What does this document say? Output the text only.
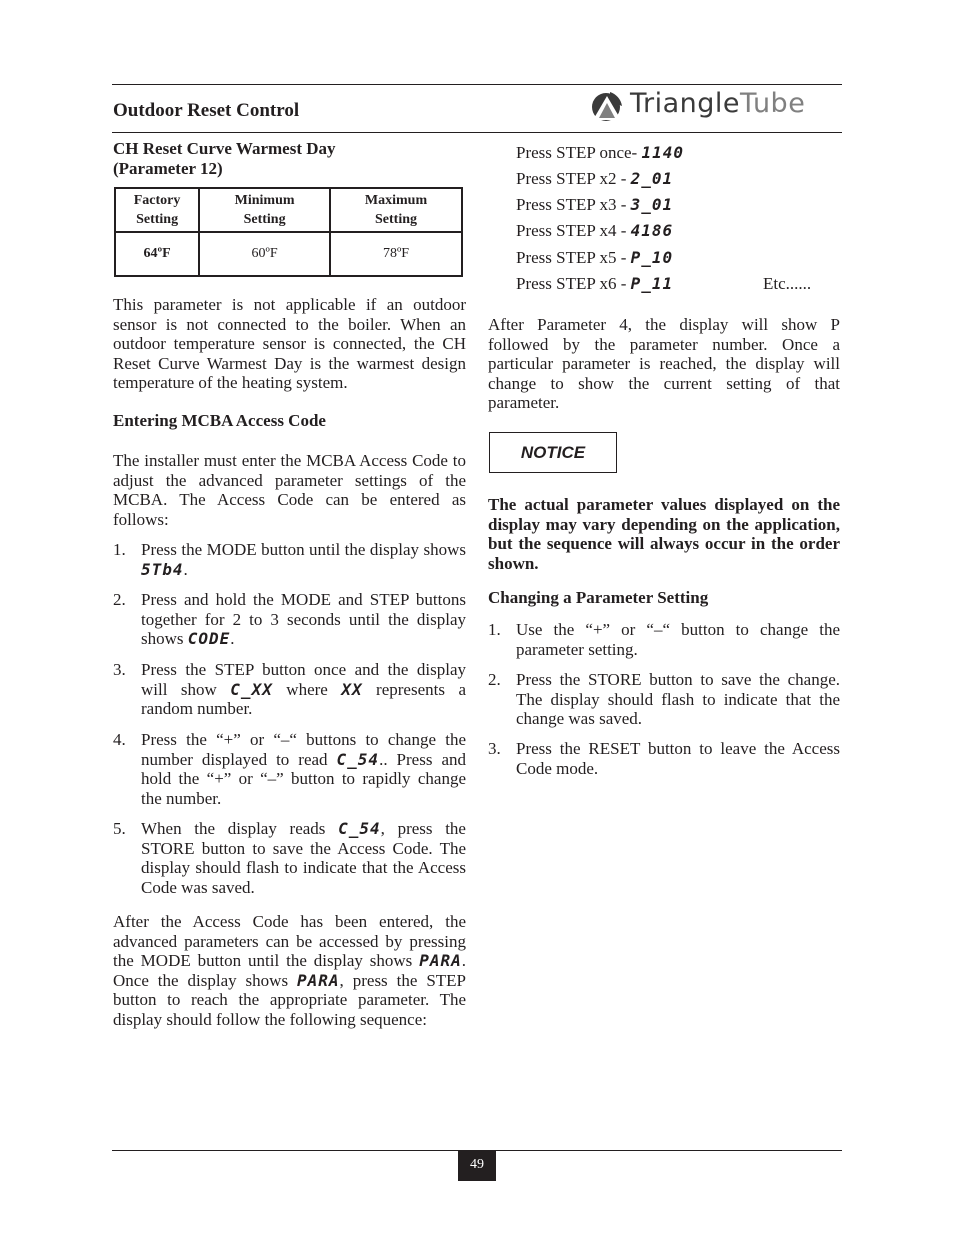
Outdoor Reset Control	TriangleTube
CH Reset Curve Warmest Day
(Parameter 12)
Factory Setting	Minimum Setting	Maximum Setting
64ºF	60ºF	78ºF

This parameter is not applicable if an outdoor sensor is not connected to the boiler. When an outdoor temperature sensor is connected, the CH Reset Curve Warmest Day is the warmest design temperature of the heating system.

Entering MCBA Access Code

The installer must enter the MCBA Access Code to adjust the advanced parameter settings of the MCBA. The Access Code can be entered as follows:

1. Press the MODE button until the display shows 5Tb4.
2. Press and hold the MODE and STEP buttons together for 2 to 3 seconds until the display shows CODE.
3. Press the STEP button once and the display will show C_XX where XX represents a random number.
4. Press the “+” or “–“ buttons to change the number displayed to read C_54.. Press and hold the “+” or “–” button to rapidly change the number.
5. When the display reads C_54, press the STORE button to save the Access Code. The display should flash to indicate that the Access Code was saved.

After the Access Code has been entered, the advanced parameters can be accessed by pressing the MODE button until the display shows PARA. Once the display shows PARA, press the STEP button to reach the appropriate parameter. The display should follow the following sequence:

Press STEP once- 1140
Press STEP x2 - 2_01
Press STEP x3 - 3_01
Press STEP x4 - 4186
Press STEP x5 - P_10
Press STEP x6 - P_11	Etc......

After Parameter 4, the display will show P followed by the parameter number. Once a particular parameter is reached, the display will change to show the current setting of that parameter.

NOTICE

The actual parameter values displayed on the display may vary depending on the application, but the sequence will always occur in the order shown.

Changing a Parameter Setting
1. Use the “+” or “–“ button to change the parameter setting.
2. Press the STORE button to save the change. The display should flash to indicate that the change was saved.
3. Press the RESET button to leave the Access Code mode.
49
